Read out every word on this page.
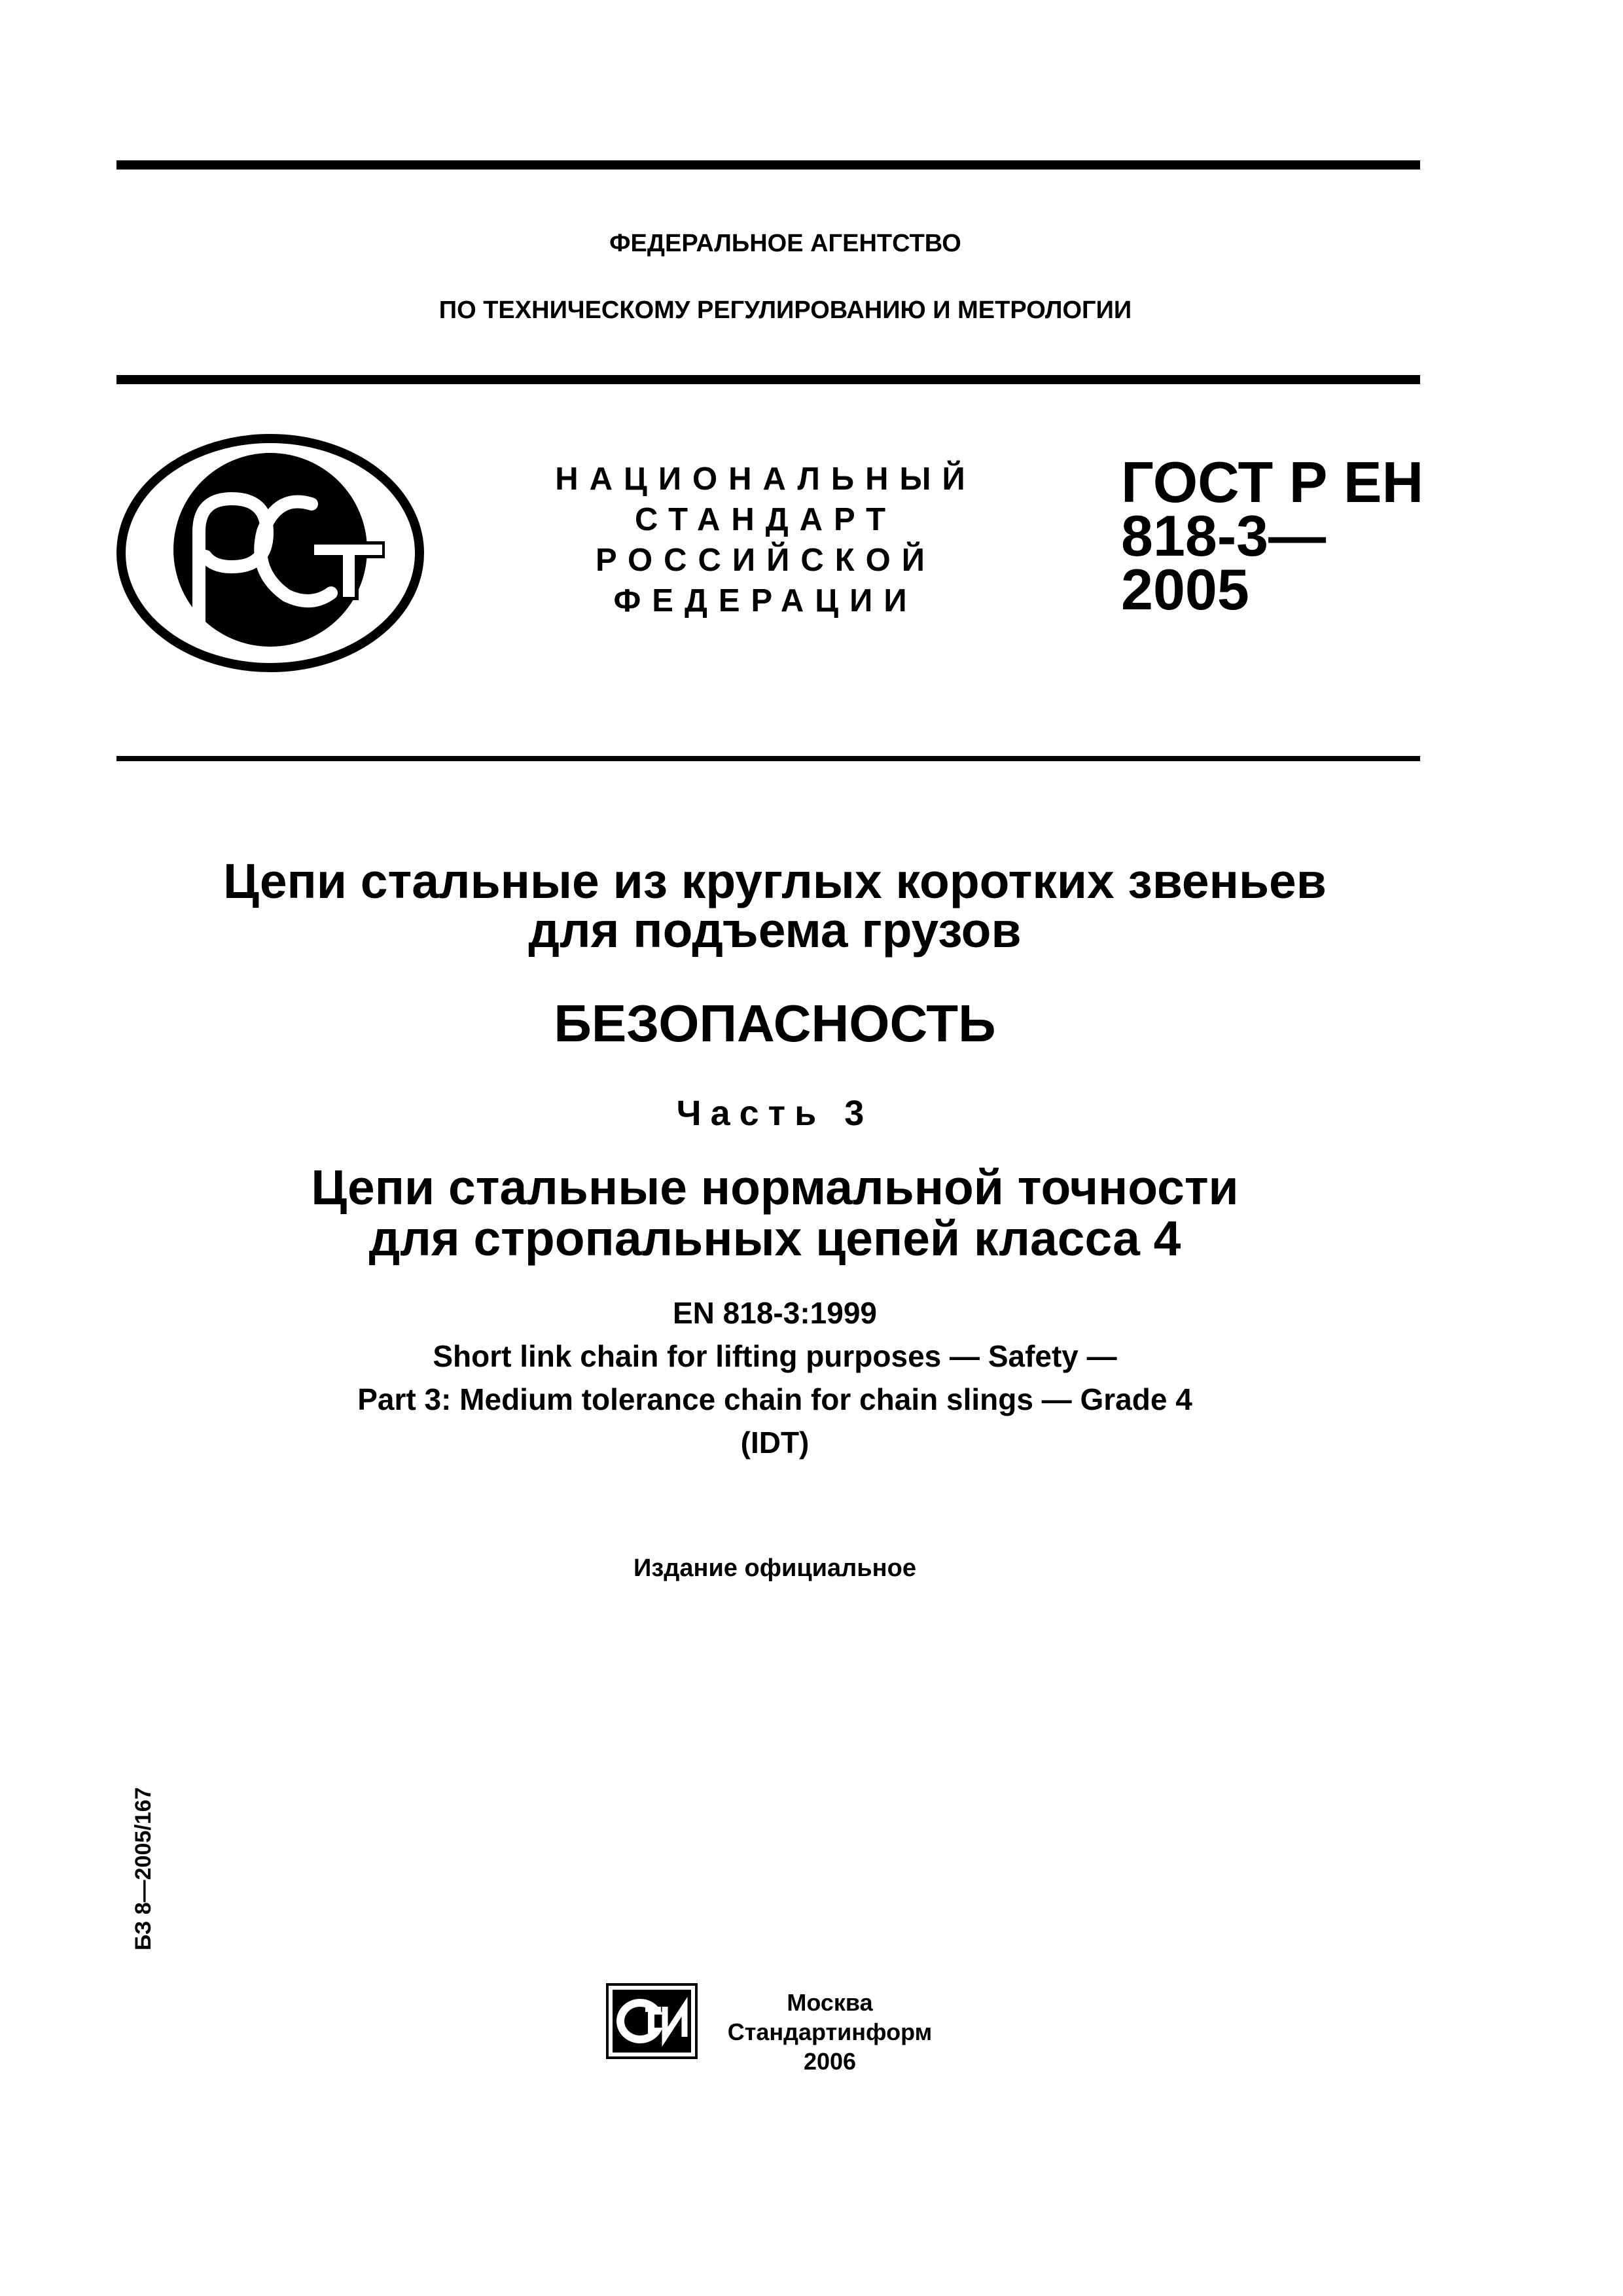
ФЕДЕРАЛЬНОЕ АГЕНТСТВО
ПО ТЕХНИЧЕСКОМУ РЕГУЛИРОВАНИЮ И МЕТРОЛОГИИ
НАЦИОНАЛЬНЫЙ
СТАНДАРТ
РОССИЙСКОЙ
ФЕДЕРАЦИИ
ГОСТ Р ЕН
818-3—
2005
Цепи стальные из круглых коротких звеньев
для подъема грузов
БЕЗОПАСНОСТЬ
Часть 3
Цепи стальные нормальной точности
для стропальных цепей класса 4
EN 818-3:1999
Short link chain for lifting purposes — Safety —
Part 3: Medium tolerance chain for chain slings — Grade 4
(IDT)
Издание официальное
БЗ 8—2005/167
Москва
Стандартинформ
2006
